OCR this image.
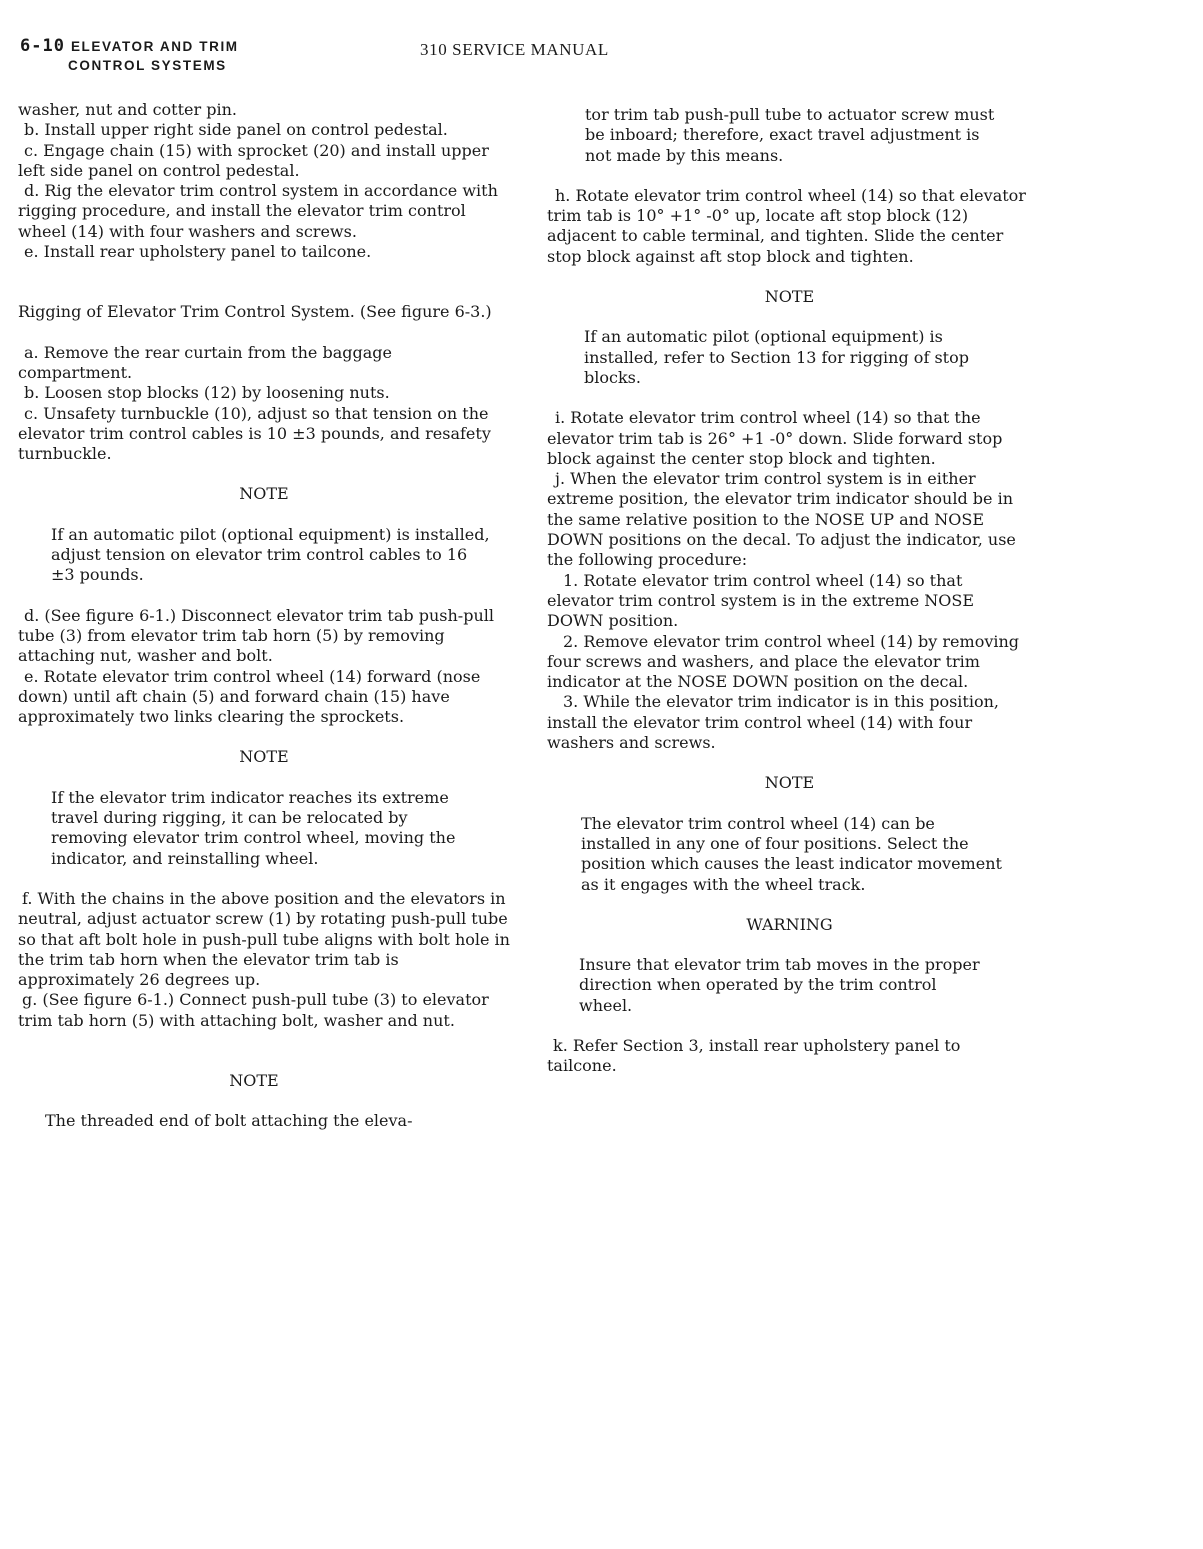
6-10 ELEVATOR AND TRIM
CONTROL SYSTEMS
310 SERVICE MANUAL

washer, nut and cotter pin.

b. Install upper right side panel on control pedestal.

c. Engage chain (15) with sprocket (20) and install upper left side panel on control pedestal.

d. Rig the elevator trim control system in accordance with rigging procedure, and install the elevator trim control wheel (14) with four washers and screws.

e. Install rear upholstery panel to tailcone.

Rigging of Elevator Trim Control System. (See figure 6-3.)

a. Remove the rear curtain from the baggage compartment.

b. Loosen stop blocks (12) by loosening nuts.

c. Unsafety turnbuckle (10), adjust so that tension on the elevator trim control cables is 10 ±3 pounds, and resafety turnbuckle.

NOTE

If an automatic pilot (optional equipment) is installed, adjust tension on elevator trim control cables to 16 ±3 pounds.

d. (See figure 6-1.) Disconnect elevator trim tab push-pull tube (3) from elevator trim tab horn (5) by removing attaching nut, washer and bolt.

e. Rotate elevator trim control wheel (14) forward (nose down) until aft chain (5) and forward chain (15) have approximately two links clearing the sprockets.

NOTE

If the elevator trim indicator reaches its extreme travel during rigging, it can be relocated by removing elevator trim control wheel, moving the indicator, and reinstalling wheel.

f. With the chains in the above position and the elevators in neutral, adjust actuator screw (1) by rotating push-pull tube so that aft bolt hole in push-pull tube aligns with bolt hole in the trim tab horn when the elevator trim tab is approximately 26 degrees up.

g. (See figure 6-1.) Connect push-pull tube (3) to elevator trim tab horn (5) with attaching bolt, washer and nut.

NOTE

The threaded end of bolt attaching the eleva-

tor trim tab push-pull tube to actuator screw must be inboard; therefore, exact travel adjustment is not made by this means.

h. Rotate elevator trim control wheel (14) so that elevator trim tab is 10° +1° -0° up, locate aft stop block (12) adjacent to cable terminal, and tighten. Slide the center stop block against aft stop block and tighten.

NOTE

If an automatic pilot (optional equipment) is installed, refer to Section 13 for rigging of stop blocks.

i. Rotate elevator trim control wheel (14) so that the elevator trim tab is 26° +1 -0° down. Slide forward stop block against the center stop block and tighten.

j. When the elevator trim control system is in either extreme position, the elevator trim indicator should be in the same relative position to the NOSE UP and NOSE DOWN positions on the decal. To adjust the indicator, use the following procedure:

1. Rotate elevator trim control wheel (14) so that elevator trim control system is in the extreme NOSE DOWN position.

2. Remove elevator trim control wheel (14) by removing four screws and washers, and place the elevator trim indicator at the NOSE DOWN position on the decal.

3. While the elevator trim indicator is in this position, install the elevator trim control wheel (14) with four washers and screws.

NOTE

The elevator trim control wheel (14) can be installed in any one of four positions. Select the position which causes the least indicator movement as it engages with the wheel track.

WARNING

Insure that elevator trim tab moves in the proper direction when operated by the trim control wheel.

k. Refer Section 3, install rear upholstery panel to tailcone.
